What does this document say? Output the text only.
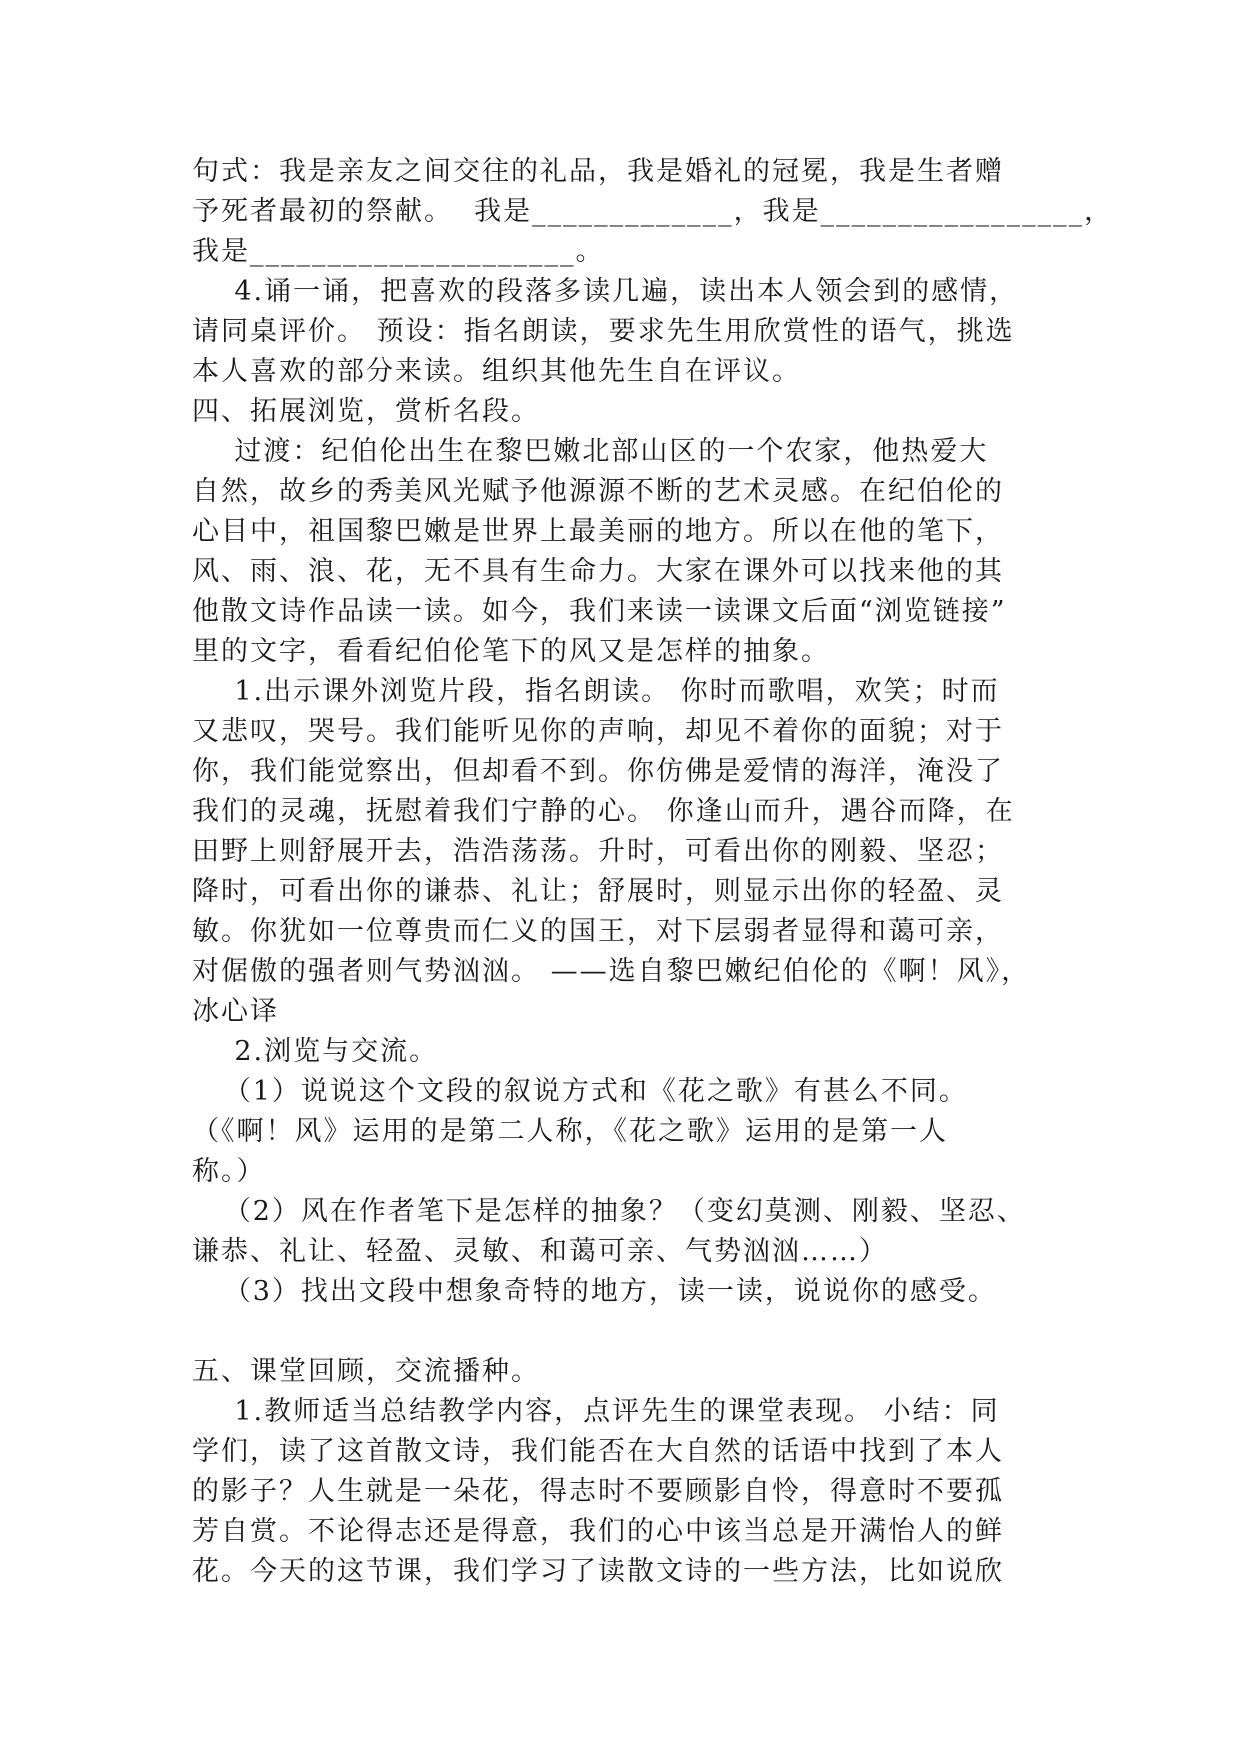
句式：我是亲友之间交往的礼品，我是婚礼的冠冕，我是生者赠
予死者最初的祭献。  我是_____________，我是_________________，
我是_____________________。
4.诵一诵，把喜欢的段落多读几遍，读出本人领会到的感情，
请同桌评价。 预设：指名朗读，要求先生用欣赏性的语气，挑选
本人喜欢的部分来读。组织其他先生自在评议。
四、拓展浏览，赏析名段。
过渡：纪伯伦出生在黎巴嫩北部山区的一个农家，他热爱大
自然，故乡的秀美风光赋予他源源不断的艺术灵感。在纪伯伦的
心目中，祖国黎巴嫩是世界上最美丽的地方。所以在他的笔下，
风、雨、浪、花，无不具有生命力。大家在课外可以找来他的其
他散文诗作品读一读。如今，我们来读一读课文后面“浏览链接”
里的文字，看看纪伯伦笔下的风又是怎样的抽象。
1.出示课外浏览片段，指名朗读。 你时而歌唱，欢笑；时而
又悲叹，哭号。我们能听见你的声响，却见不着你的面貌；对于
你，我们能觉察出，但却看不到。你仿佛是爱情的海洋，淹没了
我们的灵魂，抚慰着我们宁静的心。 你逢山而升，遇谷而降，在
田野上则舒展开去，浩浩荡荡。升时，可看出你的刚毅、坚忍；
降时，可看出你的谦恭、礼让；舒展时，则显示出你的轻盈、灵
敏。你犹如一位尊贵而仁义的国王，对下层弱者显得和蔼可亲，
对倨傲的强者则气势汹汹。 ——选自黎巴嫩纪伯伦的《啊！风》，
冰心译
2.浏览与交流。
（1）说说这个文段的叙说方式和《花之歌》有甚么不同。
（《啊！风》运用的是第二人称，《花之歌》运用的是第一人
称。）
（2）风在作者笔下是怎样的抽象？（变幻莫测、刚毅、坚忍、
谦恭、礼让、轻盈、灵敏、和蔼可亲、气势汹汹……）
（3）找出文段中想象奇特的地方，读一读，说说你的感受。
五、课堂回顾，交流播种。
1.教师适当总结教学内容，点评先生的课堂表现。 小结：同
学们，读了这首散文诗，我们能否在大自然的话语中找到了本人
的影子？人生就是一朵花，得志时不要顾影自怜，得意时不要孤
芳自赏。不论得志还是得意，我们的心中该当总是开满怡人的鲜
花。今天的这节课，我们学习了读散文诗的一些方法，比如说欣
